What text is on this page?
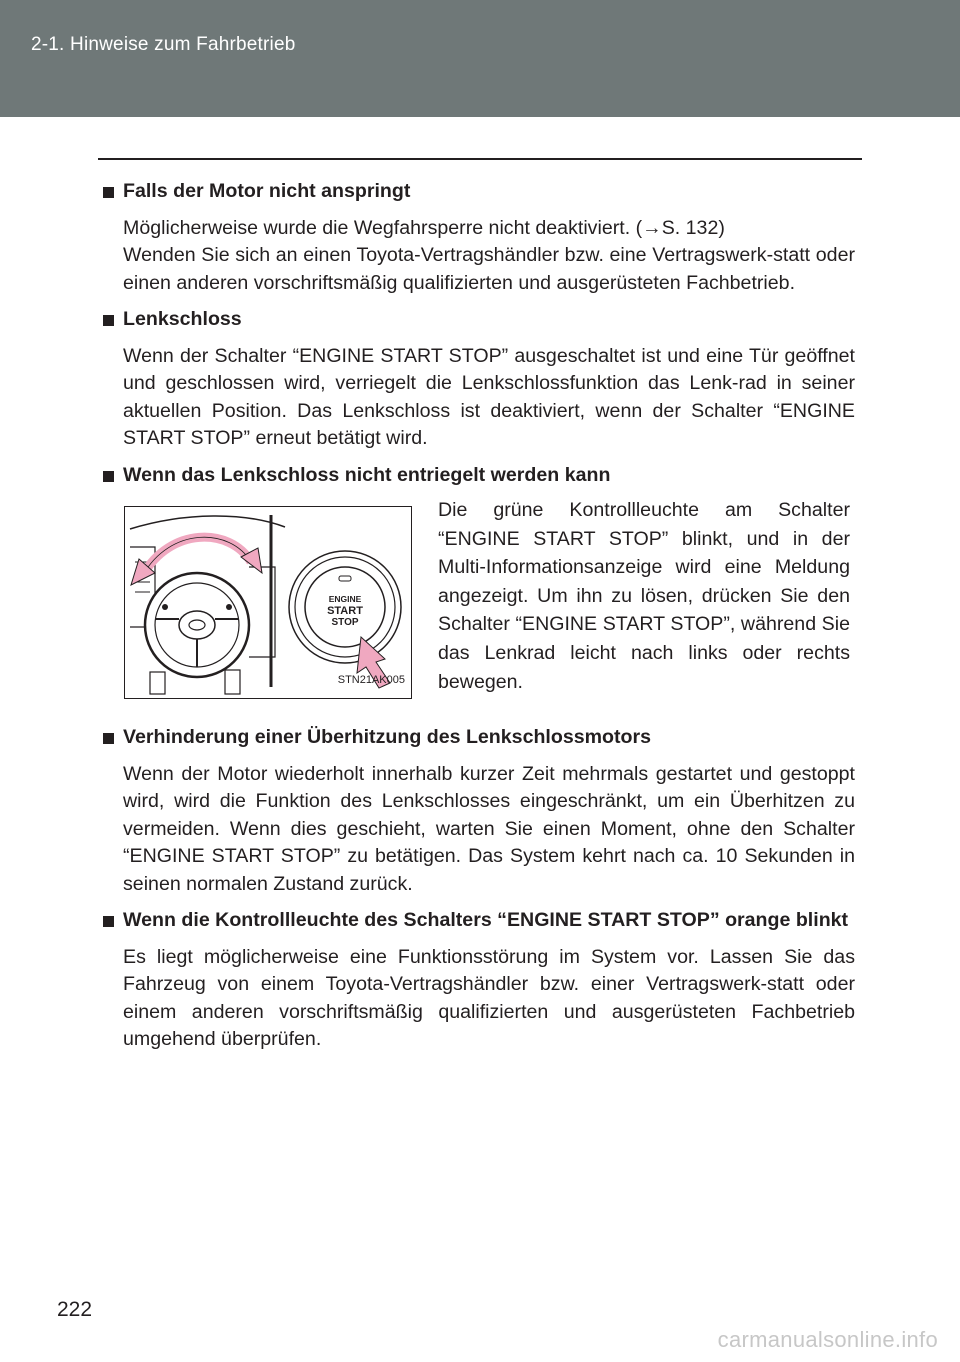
2-1. Hinweise zum Fahrbetrieb
Falls der Motor nicht anspringt

Möglicherweise wurde die Wegfahrsperre nicht deaktiviert. (→S. 132)

Wenden Sie sich an einen Toyota-Vertragshändler bzw. eine Vertragswerk-statt oder einen anderen vorschriftsmäßig qualifizierten und ausgerüsteten Fachbetrieb.

Lenkschloss

Wenn der Schalter “ENGINE START STOP” ausgeschaltet ist und eine Tür geöffnet und geschlossen wird, verriegelt die Lenkschlossfunktion das Lenk-rad in seiner aktuellen Position. Das Lenkschloss ist deaktiviert, wenn der Schalter “ENGINE START STOP” erneut betätigt wird.

Wenn das Lenkschloss nicht entriegelt werden kann
ENGINE
START
STOP
STN21AK005
Die grüne Kontrollleuchte am Schalter “ENGINE START STOP” blinkt, und in der Multi-Informationsanzeige wird eine Meldung angezeigt. Um ihn zu lösen, drücken Sie den Schalter “ENGINE START STOP”, während Sie das Lenkrad leicht nach links oder rechts bewegen.
Verhinderung einer Überhitzung des Lenkschlossmotors

Wenn der Motor wiederholt innerhalb kurzer Zeit mehrmals gestartet und gestoppt wird, wird die Funktion des Lenkschlosses eingeschränkt, um ein Überhitzen zu vermeiden. Wenn dies geschieht, warten Sie einen Moment, ohne den Schalter “ENGINE START STOP” zu betätigen. Das System kehrt nach ca. 10 Sekunden in seinen normalen Zustand zurück.

Wenn die Kontrollleuchte des Schalters “ENGINE START STOP” orange blinkt

Es liegt möglicherweise eine Funktionsstörung im System vor. Lassen Sie das Fahrzeug von einem Toyota-Vertragshändler bzw. einer Vertragswerk-statt oder einem anderen vorschriftsmäßig qualifizierten und ausgerüsteten Fachbetrieb umgehend überprüfen.

222
carmanualsonline.info
